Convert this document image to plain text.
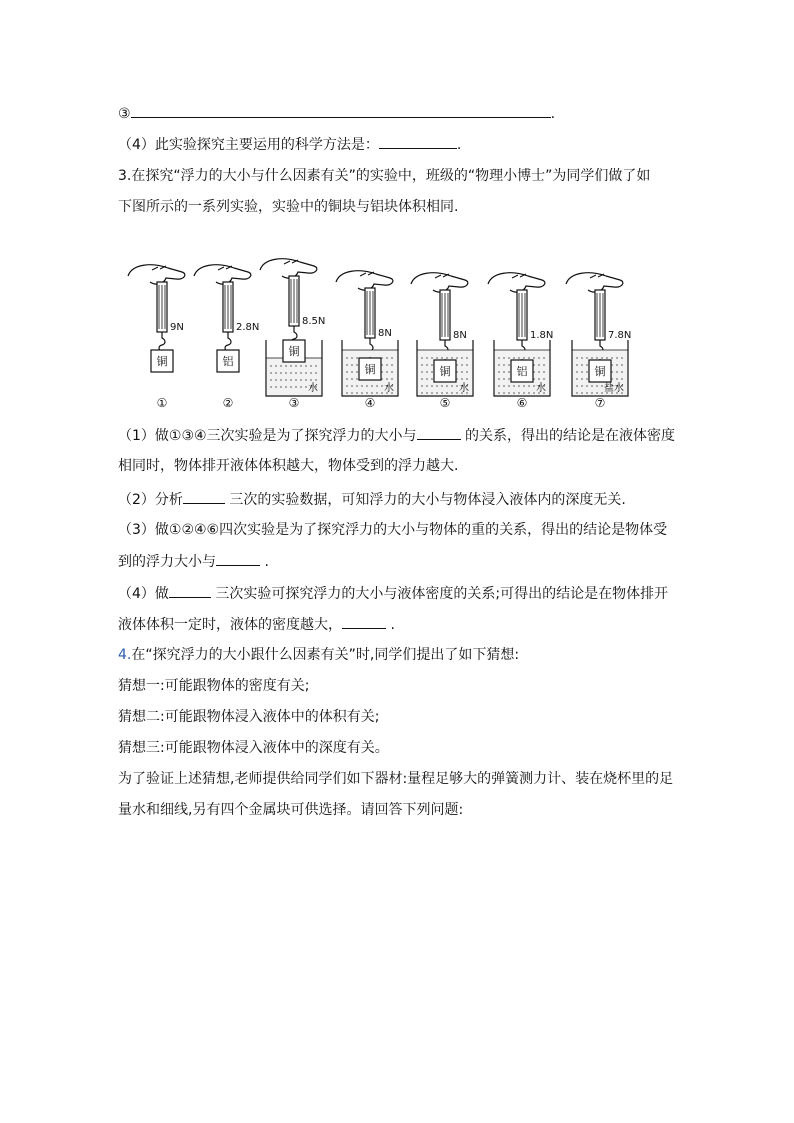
③	.
（4）此实验探究主要运用的科学方法是：	.
3.在探究“浮力的大小与什么因素有关”的实验中，班级的“物理小博士”为同学们做了如
下图所示的一系列实验，实验中的铜块与铝块体积相同.
9N
铜
①
2.8N
铝
②
8.5N
水
铜
③
8N
水
铜
④
8N
水
铜
⑤
1.8N
水
铝
⑥
7.8N
盐水
铜
⑦
（1）做①③④三次实验是为了探究浮力的大小与	的关系，得出的结论是在液体密度
相同时，物体排开液体体积越大，物体受到的浮力越大.
（2）分析	三次的实验数据，可知浮力的大小与物体浸入液体内的深度无关.
（3）做①②④⑥四次实验是为了探究浮力的大小与物体的重的关系，得出的结论是物体受
到的浮力大小与	.
（4）做	三次实验可探究浮力的大小与液体密度的关系;可得出的结论是在物体排开
液体体积一定时，液体的密度越大，	.
4.在“探究浮力的大小跟什么因素有关”时,同学们提出了如下猜想:
猜想一:可能跟物体的密度有关;
猜想二:可能跟物体浸入液体中的体积有关;
猜想三:可能跟物体浸入液体中的深度有关。
为了验证上述猜想,老师提供给同学们如下器材:量程足够大的弹簧测力计、装在烧杯里的足
量水和细线,另有四个金属块可供选择。请回答下列问题:
